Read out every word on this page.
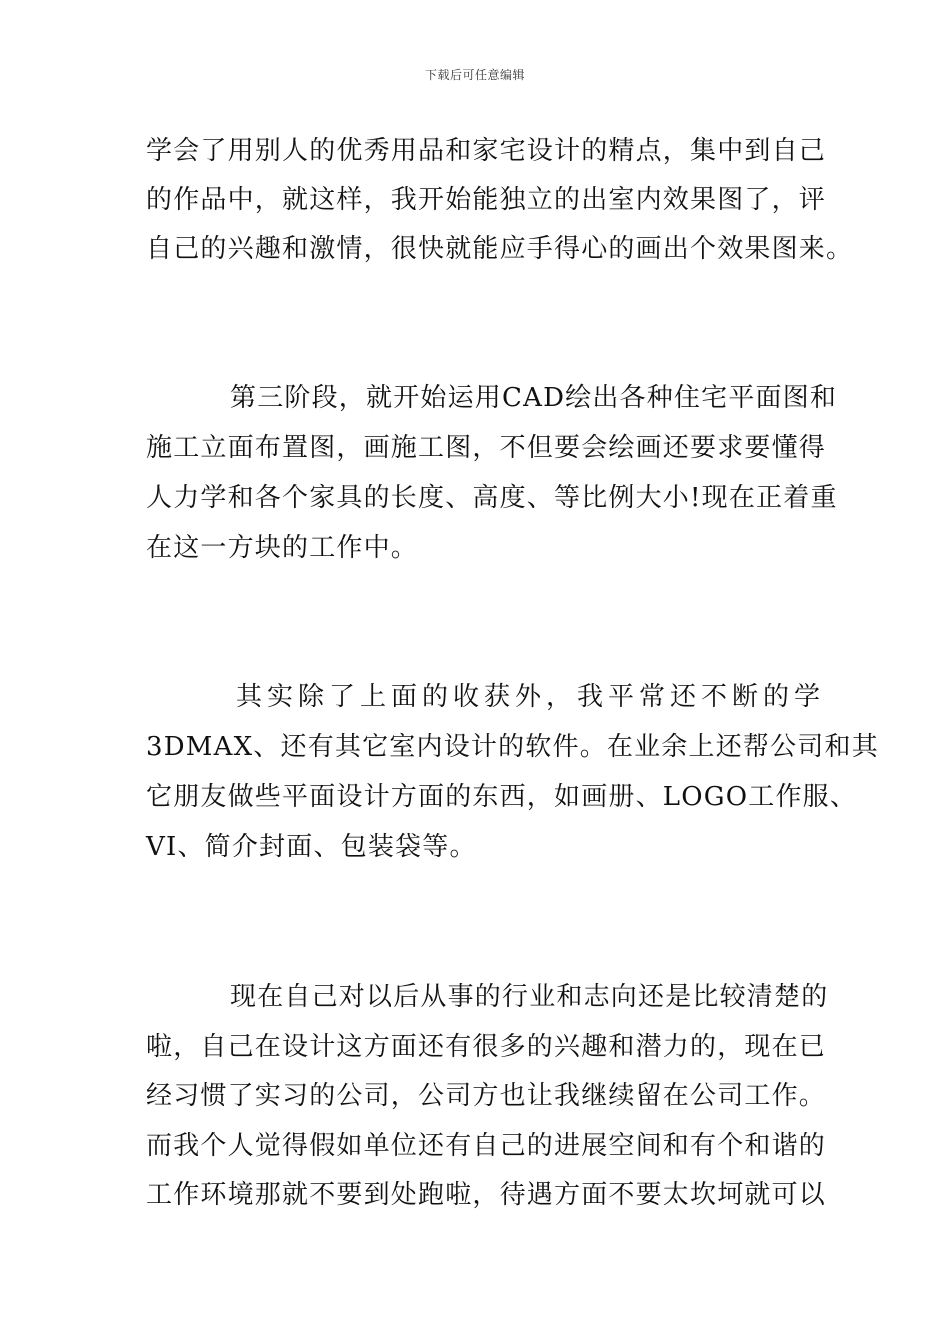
下载后可任意编辑
学会了用别人的优秀用品和家宅设计的精点，集中到自己
的作品中，就这样，我开始能独立的出室内效果图了，评
自己的兴趣和激情，很快就能应手得心的画出个效果图来。
第三阶段，就开始运用CAD绘出各种住宅平面图和
施工立面布置图，画施工图，不但要会绘画还要求要懂得
人力学和各个家具的长度、高度、等比例大小!现在正着重
在这一方块的工作中。
其实除了上面的收获外，我平常还不断的学
3DMAX、还有其它室内设计的软件。在业余上还帮公司和其
它朋友做些平面设计方面的东西，如画册、LOGO工作服、
VI、简介封面、包装袋等。
现在自己对以后从事的行业和志向还是比较清楚的
啦，自己在设计这方面还有很多的兴趣和潜力的，现在已
经习惯了实习的公司，公司方也让我继续留在公司工作。
而我个人觉得假如单位还有自己的进展空间和有个和谐的
工作环境那就不要到处跑啦，待遇方面不要太坎坷就可以
